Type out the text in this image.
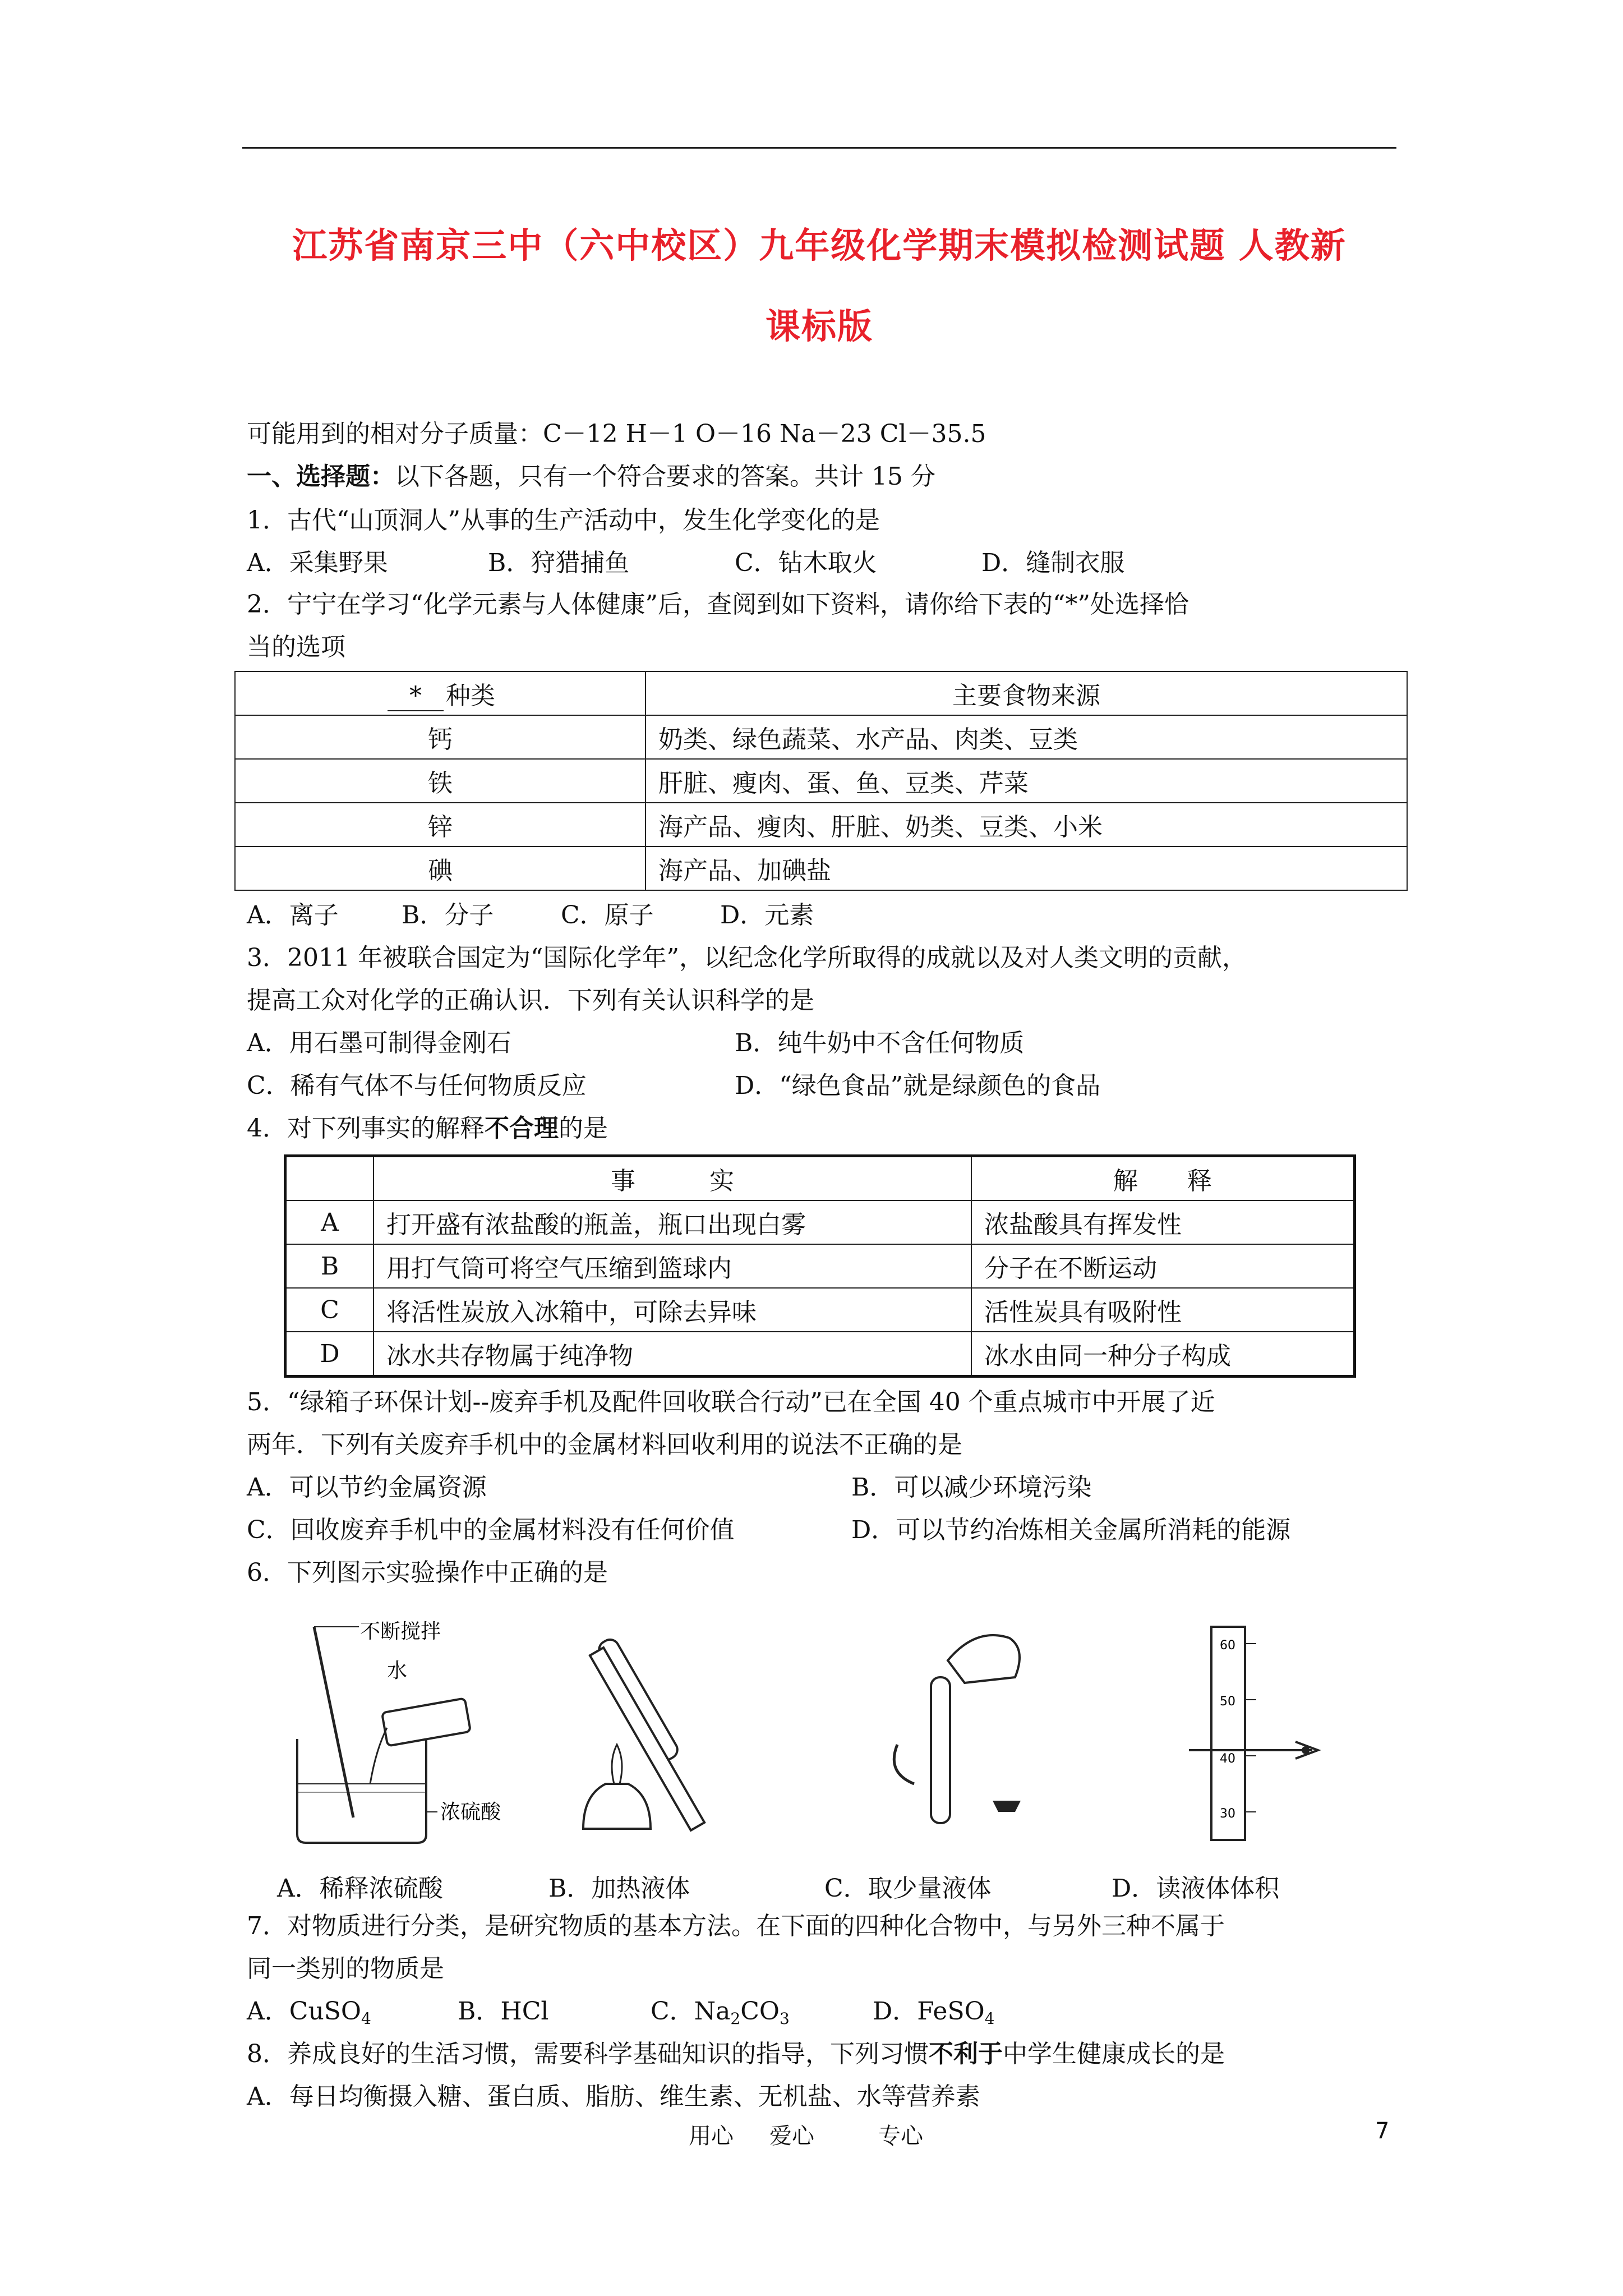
江苏省南京三中（六中校区）九年级化学期末模拟检测试题 人教新
课标版
可能用到的相对分子质量：C－12 H－1 O－16 Na－23 Cl－35.5
一、选择题：以下各题，只有一个符合要求的答案。共计 15 分
1．古代“山顶洞人”从事的生产活动中，发生化学变化的是
A．采集野果	B．狩猎捕鱼	C．钻木取火	D．缝制衣服
2．宁宁在学习“化学元素与人体健康”后，查阅到如下资料，请你给下表的“*”处选择恰
当的选项
* 种类	主要食物来源
钙	奶类、绿色蔬菜、水产品、肉类、豆类
铁	肝脏、瘦肉、蛋、鱼、豆类、芹菜
锌	海产品、瘦肉、肝脏、奶类、豆类、小米
碘	海产品、加碘盐
A．离子	B．分子	C．原子	D．元素
3．2011 年被联合国定为“国际化学年”，以纪念化学所取得的成就以及对人类文明的贡献，
提高工众对化学的正确认识．下列有关认识科学的是
A．用石墨可制得金刚石	B．纯牛奶中不含任何物质
C．稀有气体不与任何物质反应	D．“绿色食品”就是绿颜色的食品
4．对下列事实的解释不合理的是
	事　　　实	解　　释
A	打开盛有浓盐酸的瓶盖，瓶口出现白雾	浓盐酸具有挥发性
B	用打气筒可将空气压缩到篮球内	分子在不断运动
C	将活性炭放入冰箱中，可除去异味	活性炭具有吸附性
D	冰水共存物属于纯净物	冰水由同一种分子构成
5．“绿箱子环保计划--废弃手机及配件回收联合行动”已在全国 40 个重点城市中开展了近
两年．下列有关废弃手机中的金属材料回收利用的说法不正确的是
A．可以节约金属资源	B．可以减少环境污染
C．回收废弃手机中的金属材料没有任何价值	D．可以节约冶炼相关金属所消耗的能源
6．下列图示实验操作中正确的是
不断搅拌
水
浓硫酸
60
50
40
30
A．稀释浓硫酸	B．加热液体	C．取少量液体	D．读液体体积
7．对物质进行分类，是研究物质的基本方法。在下面的四种化合物中，与另外三种不属于
同一类别的物质是
A．CuSO$_4$	B．HCl	C．$Na_2CO_3$	D．FeSO$_4$
8．养成良好的生活习惯，需要科学基础知识的指导，下列习惯不利于中学生健康成长的是
A．每日均衡摄入糖、蛋白质、脂肪、维生素、无机盐、水等营养素
用心 爱心	专心	7
